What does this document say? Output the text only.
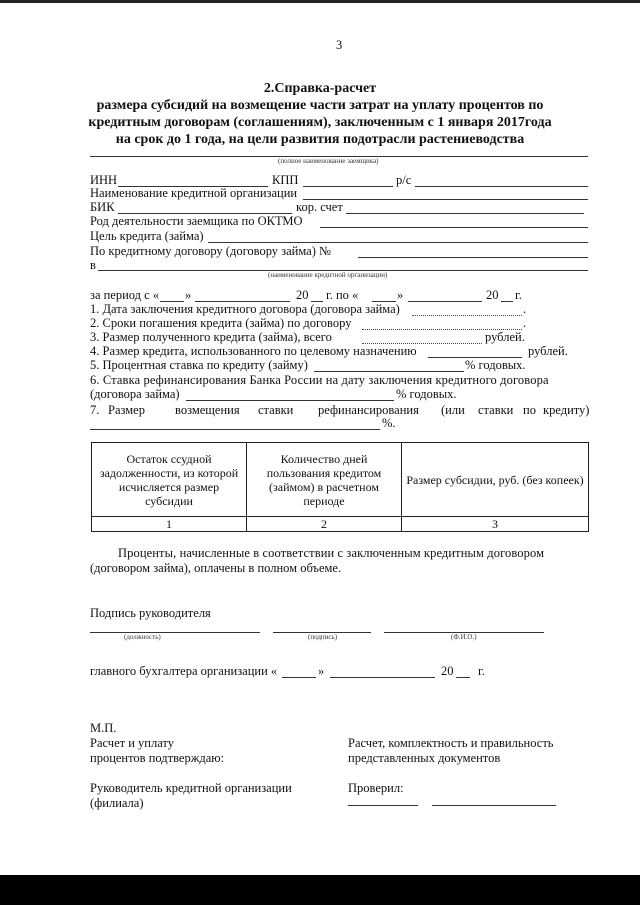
3
2.Справка-расчет
размера субсидий на возмещение части затрат на уплату процентов по
кредитным договорам (соглашениям), заключенным с 1 января 2017года
на срок до 1 года, на цели развития подотрасли растениеводства
(полное наименование заемщика)
ИНН	КПП	р/с
Наименование кредитной организации
БИК	кор. счет
Род деятельности заемщика по ОКТМО
Цель кредита (займа)
По кредитному договору (договору займа) №
в
(наименование кредитной организации)
за период с « »	20 г. по «	»	20 г.
1. Дата заключения кредитного договора (договора займа)	.
2. Сроки погашения кредита (займа) по договору	.
3. Размер полученного кредита (займа), всего	рублей.
4. Размер кредита, использованного по целевому назначению	рублей.
5. Процентная ставка по кредиту (займу)	% годовых.
6. Ставка рефинансирования Банка России на дату заключения кредитного договора
(договора займа)	% годовых.
7. Размер возмещения ставки рефинансирования (или ставки по кредиту)
%.
Остаток ссудной задолженности, из которой исчисляется размер субсидии	Количество дней пользования кредитом (займом) в расчетном периоде	Размер субсидии, руб. (без копеек)
1	2	3
Проценты, начисленные в соответствии с заключенным кредитным договором
(договором займа), оплачены в полном объеме.
Подпись руководителя
(должность)	(подпись)	(Ф.И.О.)
главного бухгалтера организации «	»	20 г.
М.П.
Расчет и уплату
процентов подтверждаю:
Расчет, комплектность и правильность
представленных документов
Руководитель кредитной организации
(филиала)
Проверил:
